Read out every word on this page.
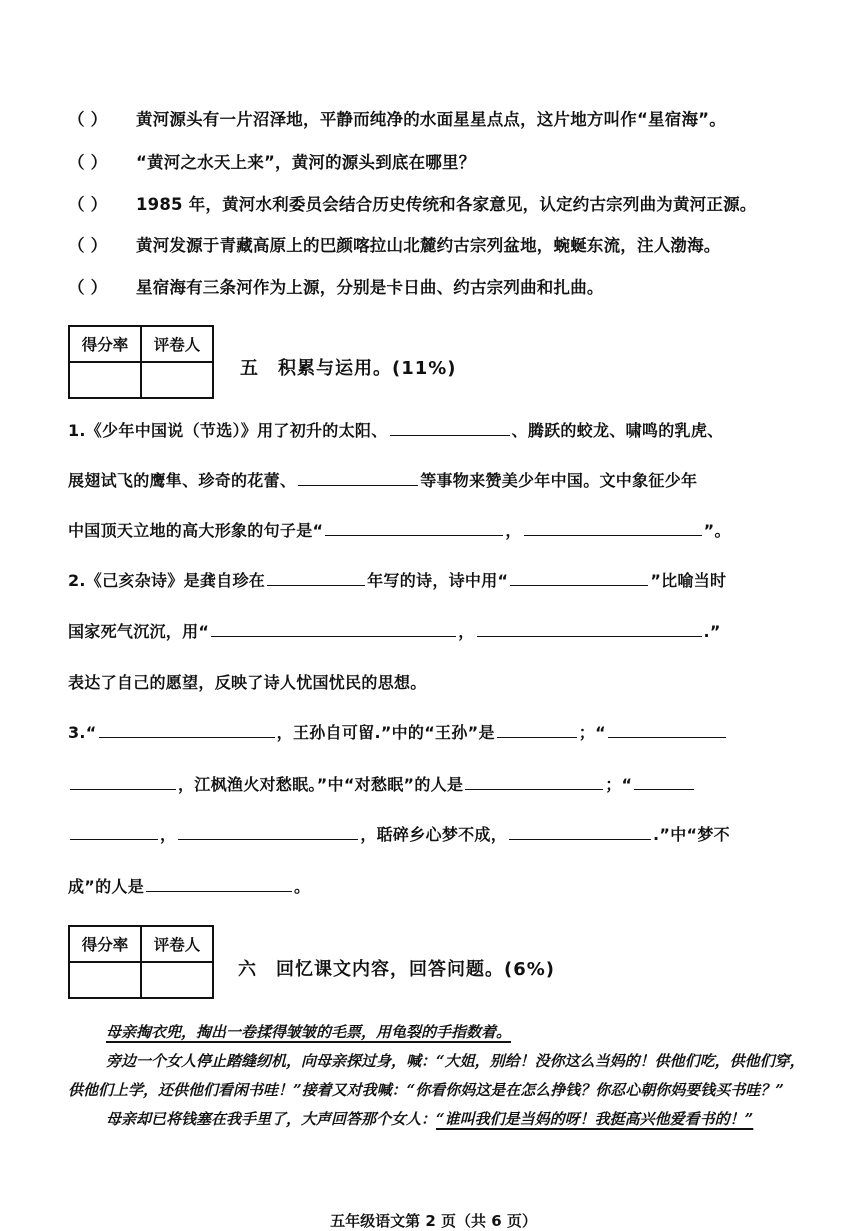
（ ） 黄河源头有一片沼泽地，平静而纯净的水面星星点点，这片地方叫作“星宿海”。
（ ） “黄河之水天上来”，黄河的源头到底在哪里？
（ ） 1985 年，黄河水利委员会结合历史传统和各家意见，认定约古宗列曲为黄河正源。
（ ） 黄河发源于青藏高原上的巴颜喀拉山北麓约古宗列盆地，蜿蜒东流，注人渤海。
（ ） 星宿海有三条河作为上源，分别是卡日曲、约古宗列曲和扎曲。
得分率	评卷人

五　积累与运用。(11%)
1.《少年中国说（节选）》用了初升的太阳、	、腾跃的蛟龙、啸鸣的乳虎、
展翅试飞的鹰隼、珍奇的花蕾、	等事物来赞美少年中国。文中象征少年
中国顶天立地的高大形象的句子是“	，	”。
2.《己亥杂诗》是龚自珍在	年写的诗，诗中用“	”比喻当时
国家死气沉沉，用“	，	.”
表达了自己的愿望，反映了诗人忧国忧民的思想。
3.“	，王孙自可留.”中的“王孙”是	；“
，江枫渔火对愁眠。”中“对愁眠”的人是	；“
，	，聒碎乡心梦不成，	.”中“梦不
成”的人是	。
得分率	评卷人

六　回忆课文内容，回答问题。(6%)

母亲掏衣兜，掏出一卷揉得皱皱的毛票，用龟裂的手指数着。

旁边一个女人停止踏缝纫机，向母亲探过身，喊：“大姐，别给！没你这么当妈的！供他们吃，供他们穿，供他们上学，还供他们看闲书哇！”接着又对我喊：“你看你妈这是在怎么挣钱？你忍心朝你妈要钱买书哇？”

母亲却已将钱塞在我手里了，大声回答那个女人：“谁叫我们是当妈的呀！我挺高兴他爱看书的！”

五年级语文第 2 页（共 6 页）
